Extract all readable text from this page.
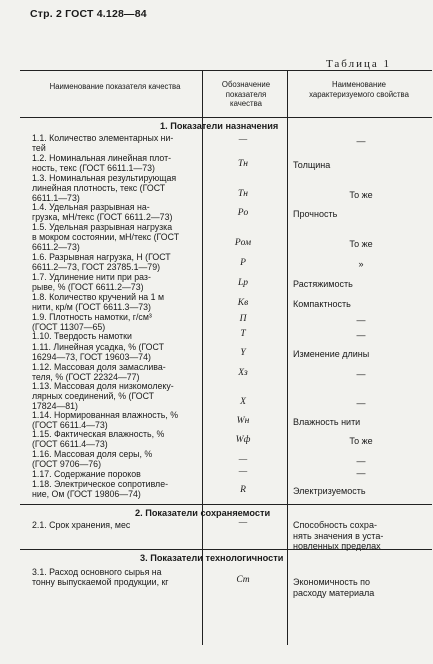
Стр. 2 ГОСТ 4.128—84
Таблица 1
Наименование показателя качества	Обозначение показателя качества
Наименование характеризуемого свойства
1. Показатели назначения
1.1. Количество элементарных ни-
тей
—	—
1.2. Номинальная линейная плот-
ность, текс (ГОСТ 6611.1—73)	Tн	Толщина
1.3. Номинальная результирующая
линейная плотность, текс (ГОСТ
6611.1—73)	Tн	То же
1.4. Удельная разрывная на-
грузка, мН/текс (ГОСТ 6611.2—73)	Pо	Прочность
1.5. Удельная разрывная нагрузка
в мокром состоянии, мН/текс (ГОСТ
6611.2—73)	Pом	То же
1.6. Разрывная нагрузка, Н (ГОСТ
6611.2—73, ГОСТ 23785.1—79)	P	»
1.7. Удлинение нити при раз-
рыве, % (ГОСТ 6611.2—73)	Lр	Растяжимость
1.8. Количество кручений на 1 м
нити, кр/м (ГОСТ 6611.3—73)	Kв	Компактность
1.9. Плотность намотки, г/см³
(ГОСТ 11307—65)
П	—
1.10. Твердость намотки	T	—
1.11. Линейная усадка, % (ГОСТ
16294—73, ГОСТ 19603—74)	Y	Изменение длины
1.12. Массовая доля замаслива-
теля, % (ГОСТ 22324—77)	Xз	—
1.13. Массовая доля низкомолеку-
лярных соединений, % (ГОСТ
17824—81)	X	—
1.14. Нормированная влажность, %
(ГОСТ 6611.4—73)	Wн	Влажность нити
1.15. Фактическая влажность, %
(ГОСТ 6611.4—73)	Wф	То же
1.16. Массовая доля серы, %
(ГОСТ 9706—76)	—	—
1.17. Содержание пороков	—	—
1.18. Электрическое сопротивле-
ние, Ом (ГОСТ 19806—74)	R	Электризуемость
2. Показатели сохраняемости
2.1. Срок хранения, мес	—	Способность сохра-
нять значения в уста-
новленных пределах
3. Показатели технологичности
3.1. Расход основного сырья на
тонну выпускаемой продукции, кг	Cт	Экономичность по
расходу материала
